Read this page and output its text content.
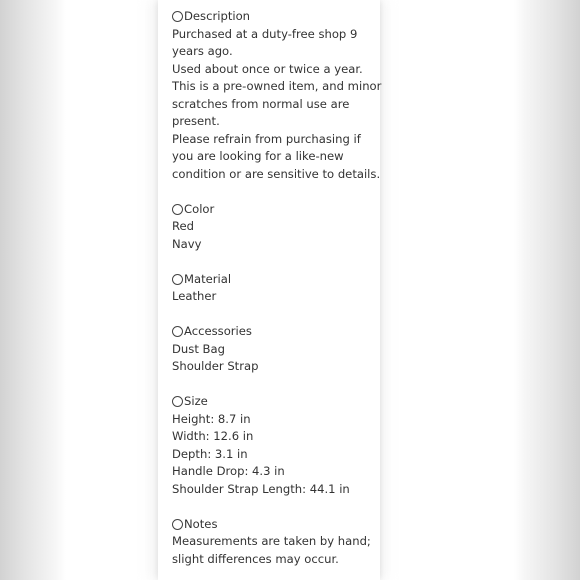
Description
Purchased at a duty-free shop 9
years ago.
Used about once or twice a year.
This is a pre-owned item, and minor
scratches from normal use are
present.
Please refrain from purchasing if
you are looking for a like-new
condition or are sensitive to details.
Color
Red
Navy
Material
Leather
Accessories
Dust Bag
Shoulder Strap
Size
Height: 8.7 in
Width: 12.6 in
Depth: 3.1 in
Handle Drop: 4.3 in
Shoulder Strap Length: 44.1 in
Notes
Measurements are taken by hand;
slight differences may occur.
